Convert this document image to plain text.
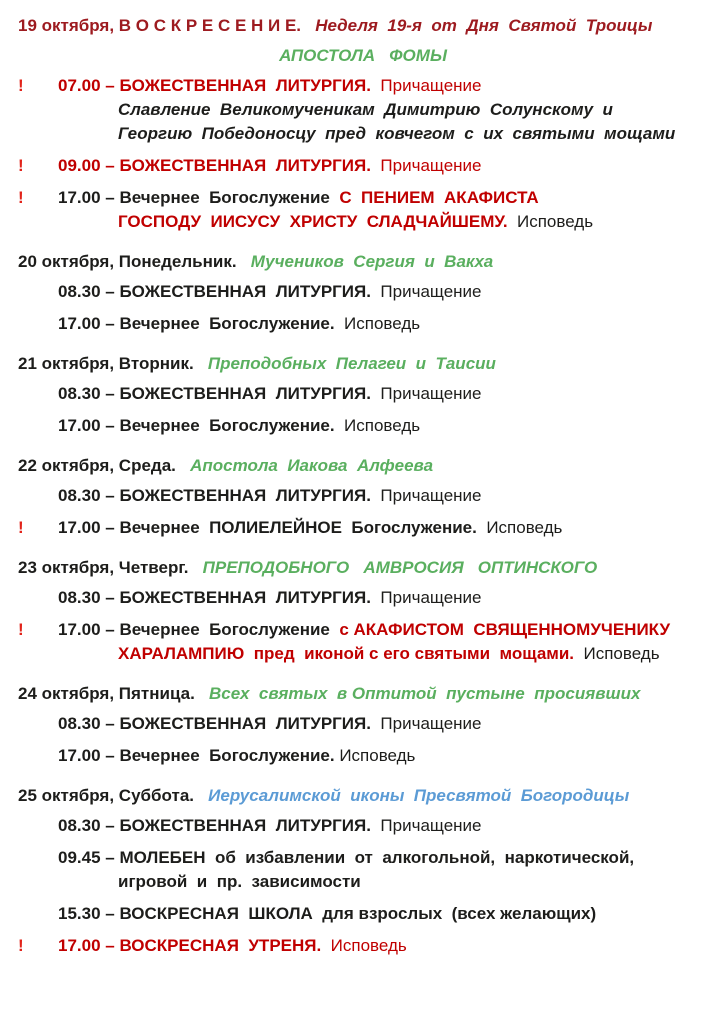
19 октября, В О С К Р Е С Е Н И Е. Неделя  19-я  от  Дня  Святой  Троицы
АПОСТОЛА   ФОМЫ
!	07.00 – БОЖЕСТВЕННАЯ  ЛИТУРГИЯ.  Причащение
Славление  Великомученикам  Димитрию  Солунскому  и
Георгию  Победоносцу  пред  ковчегом  с  их  святыми  мощами
!	09.00 – БОЖЕСТВЕННАЯ  ЛИТУРГИЯ.  Причащение
!	17.00 – Вечернее  Богослужение  С  ПЕНИЕМ  АКАФИСТА
ГОСПОДУ  ИИСУСУ  ХРИСТУ  СЛАДЧАЙШЕМУ.  Исповедь
20 октября, Понедельник. Мучеников  Сергия  и  Вакха
08.30 – БОЖЕСТВЕННАЯ  ЛИТУРГИЯ.  Причащение
17.00 – Вечернее  Богослужение.  Исповедь
21 октября, Вторник. Преподобных  Пелагеи  и  Таисии
08.30 – БОЖЕСТВЕННАЯ  ЛИТУРГИЯ.  Причащение
17.00 – Вечернее  Богослужение.  Исповедь
22 октября, Среда. Апостола  Иакова  Алфеева
08.30 – БОЖЕСТВЕННАЯ  ЛИТУРГИЯ.  Причащение
!	17.00 – Вечернее  ПОЛИЕЛЕЙНОЕ  Богослужение.  Исповедь
23 октября, Четверг. ПРЕПОДОБНОГО   АМВРОСИЯ   ОПТИНСКОГО
08.30 – БОЖЕСТВЕННАЯ  ЛИТУРГИЯ.  Причащение
!	17.00 – Вечернее  Богослужение  с АКАФИСТОМ  СВЯЩЕННОМУЧЕНИКУ
ХАРАЛАМПИЮ  пред  иконой с его святыми  мощами.  Исповедь
24 октября, Пятница. Всех  святых  в Оптитой  пустыне  просиявших
08.30 – БОЖЕСТВЕННАЯ  ЛИТУРГИЯ.  Причащение
17.00 – Вечернее  Богослужение. Исповедь
25 октября, Суббота. Иерусалимской  иконы  Пресвятой  Богородицы
08.30 – БОЖЕСТВЕННАЯ  ЛИТУРГИЯ.  Причащение
09.45 – МОЛЕБЕН  об  избавлении  от  алкогольной,  наркотической,
игровой  и  пр.  зависимости
15.30 – ВОСКРЕСНАЯ  ШКОЛА  для взрослых  (всех желающих)
!	17.00 – ВОСКРЕСНАЯ  УТРЕНЯ.  Исповедь
